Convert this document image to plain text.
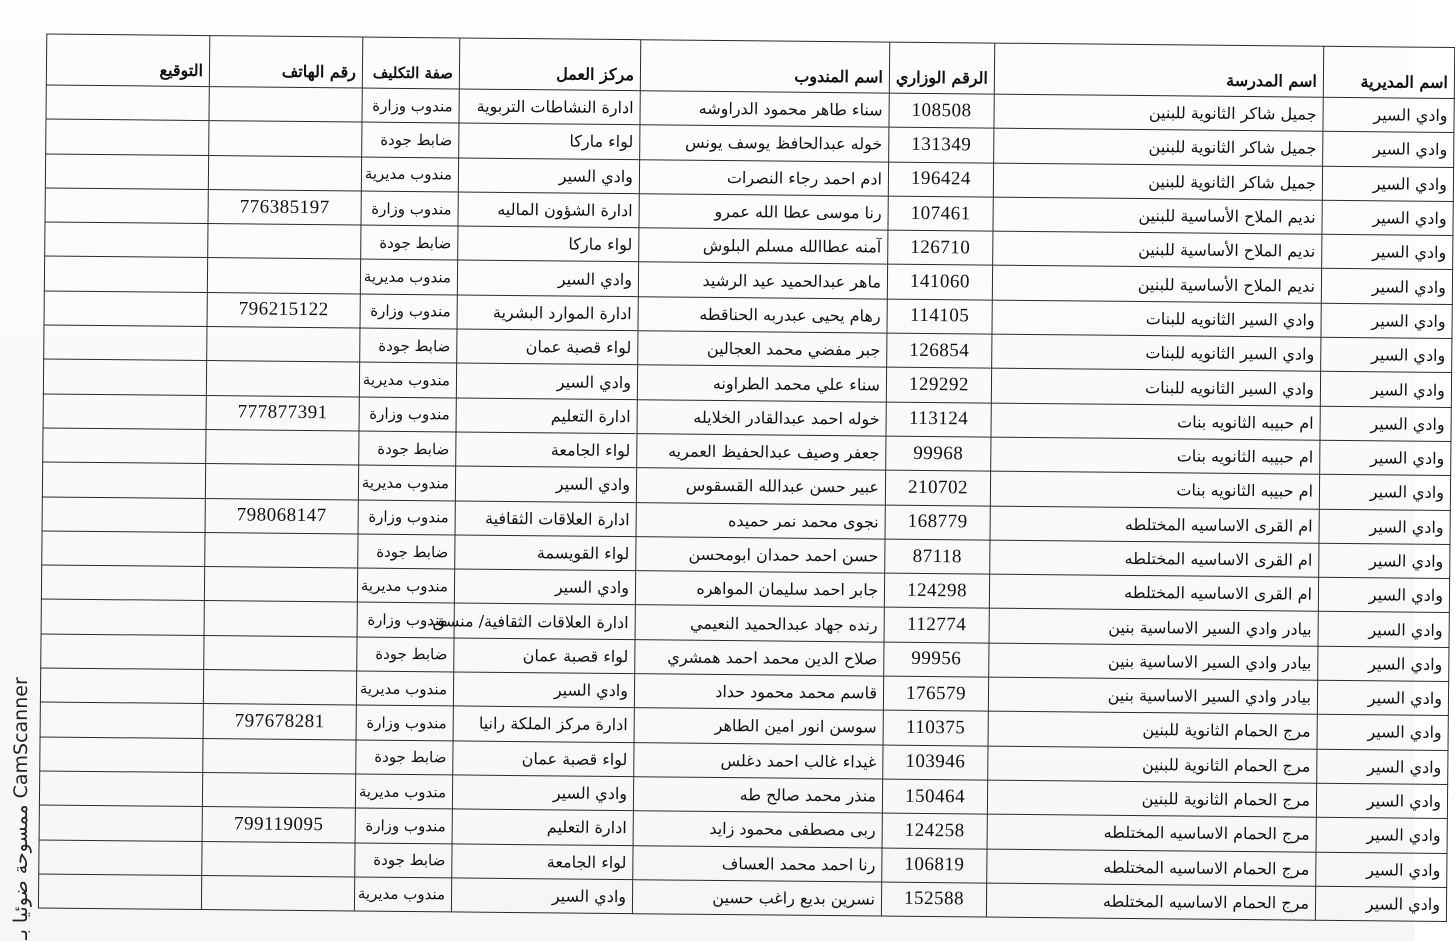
اسم المديرية	اسم المدرسة	الرقم الوزاري	اسم المندوب	مركز العمل	صفة التكليف	رقم الهاتف	التوقيع
وادي السير	جميل شاكر الثانوية للبنين	108508	سناء طاهر محمود الدراوشه	ادارة النشاطات التربوية	مندوب وزارة		
وادي السير	جميل شاكر الثانوية للبنين	131349	خوله عبدالحافظ يوسف يونس	لواء ماركا	ضابط جودة		
وادي السير	جميل شاكر الثانوية للبنين	196424	ادم احمد رجاء النصرات	وادي السير	مندوب مديرية		
وادي السير	نديم الملاح الأساسية للبنين	107461	رنا موسى عطا الله عمرو	ادارة الشؤون الماليه	مندوب وزارة	776385197	
وادي السير	نديم الملاح الأساسية للبنين	126710	آمنه عطاالله مسلم البلوش	لواء ماركا	ضابط جودة		
وادي السير	نديم الملاح الأساسية للبنين	141060	ماهر عبدالحميد عيد الرشيد	وادي السير	مندوب مديرية		
وادي السير	وادي السير الثانويه للبنات	114105	رهام يحيى عبدربه الحناقطه	ادارة الموارد البشرية	مندوب وزارة	796215122	
وادي السير	وادي السير الثانويه للبنات	126854	جبر مفضي محمد العجالين	لواء قصبة عمان	ضابط جودة		
وادي السير	وادي السير الثانويه للبنات	129292	سناء علي محمد الطراونه	وادي السير	مندوب مديرية		
وادي السير	ام حبيبه الثانويه بنات	113124	خوله احمد عبدالقادر الخلايله	ادارة التعليم	مندوب وزارة	777877391	
وادي السير	ام حبيبه الثانويه بنات	99968	جعفر وصيف عبدالحفيظ العمريه	لواء الجامعة	ضابط جودة		
وادي السير	ام حبيبه الثانويه بنات	210702	عبير حسن عبدالله القسقوس	وادي السير	مندوب مديرية		
وادي السير	ام القرى الاساسيه المختلطه	168779	نجوى محمد نمر حميده	ادارة العلاقات الثقافية	مندوب وزارة	798068147	
وادي السير	ام القرى الاساسيه المختلطه	87118	حسن احمد حمدان ابومحسن	لواء القويسمة	ضابط جودة		
وادي السير	ام القرى الاساسيه المختلطه	124298	جابر احمد سليمان المواهره	وادي السير	مندوب مديرية		
وادي السير	بيادر وادي السير الاساسية بنين	112774	رنده جهاد عبدالحميد النعيمي	ادارة العلاقات الثقافية/ منسق	مندوب وزارة		
وادي السير	بيادر وادي السير الاساسية بنين	99956	صلاح الدين محمد احمد همشري	لواء قصبة عمان	ضابط جودة		
وادي السير	بيادر وادي السير الاساسية بنين	176579	قاسم محمد محمود حداد	وادي السير	مندوب مديرية		
وادي السير	مرج الحمام الثانوية للبنين	110375	سوسن انور امين الطاهر	ادارة مركز الملكة رانيا	مندوب وزارة	797678281	
وادي السير	مرج الحمام الثانوية للبنين	103946	غيداء غالب احمد دغلس	لواء قصبة عمان	ضابط جودة		
وادي السير	مرج الحمام الثانوية للبنين	150464	منذر محمد صالح طه	وادي السير	مندوب مديرية		
وادي السير	مرج الحمام الاساسيه المختلطه	124258	ربى مصطفى محمود زايد	ادارة التعليم	مندوب وزارة	799119095	
وادي السير	مرج الحمام الاساسيه المختلطه	106819	رنا احمد محمد العساف	لواء الجامعة	ضابط جودة		
وادي السير	مرج الحمام الاساسيه المختلطه	152588	نسرين بديع راغب حسين	وادي السير	مندوب مديرية		
ممسوحة ضوئيا بـ CamScanner
